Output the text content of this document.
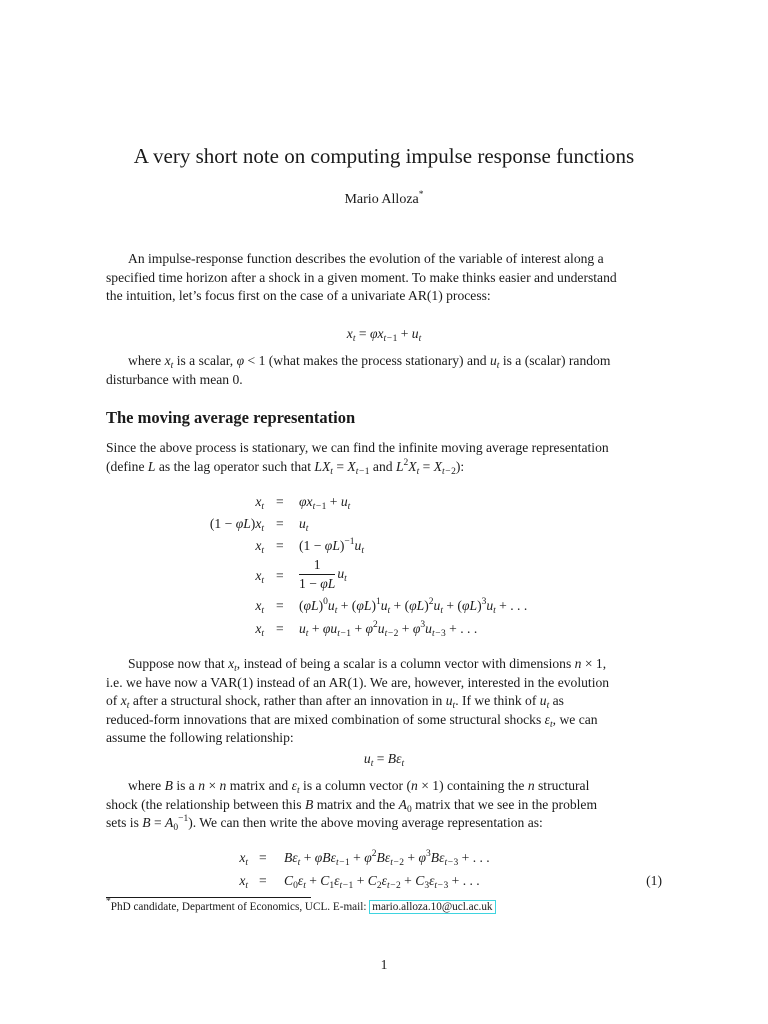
A very short note on computing impulse response functions
Mario Alloza*
An impulse-response function describes the evolution of the variable of interest along a
specified time horizon after a shock in a given moment. To make thinks easier and understand
the intuition, let’s focus first on the case of a univariate AR(1) process:
$x_t = \varphi x_{t-1} + u_t$
where $x_t$ is a scalar, φ < 1 (what makes the process stationary) and $u_t$ is a (scalar) random
disturbance with mean 0.
The moving average representation
Since the above process is stationary, we can find the infinite moving average representation
(define L as the lag operator such that $LX_t = X_{t-1}$ and $L^2X_t = X_{t-2}$):
$x_t = \varphi x_{t-1} + u_t$
$(1 - \varphi L)x_t = u_t$
$x_t = (1 - \varphi L)^{-1}u_t$
$x_t = \frac{1}{1 - \varphi L} u_t$
$x_t = (\varphi L)^0u_t + (\varphi L)^1u_t + (\varphi L)^2u_t + (\varphi L)^3u_t$ + . . .
$x_t = u_t + \varphi u_{t-1} + \varphi^2u_{t-2} + \varphi^3u_{t-3}$ + . . .
Suppose now that $x_t$, instead of being a scalar is a column vector with dimensions n × 1,
i.e. we have now a VAR(1) instead of an AR(1). We are, however, interested in the evolution
of $x_t$ after a structural shock, rather than after an innovation in $u_t$. If we think of $u_t$ as
reduced-form innovations that are mixed combination of some structural shocks $\varepsilon_t$, we can
assume the following relationship:
$u_t = B\varepsilon_t$
where B is a n × n matrix and $\varepsilon_t$ is a column vector (n × 1) containing the n structural
shock (the relationship between this B matrix and the $A_0$ matrix that we see in the problem
sets is $B = A_0^{-1}$). We can then write the above moving average representation as:
$x_t = B\varepsilon_t + \varphi B\varepsilon_{t-1} + \varphi^2B\varepsilon_{t-2} + \varphi^3B\varepsilon_{t-3}$ + . . .
$x_t = C_0\varepsilon_t + C_1\varepsilon_{t-1} + C_2\varepsilon_{t-2} + C_3\varepsilon_{t-3}$ + . . .	(1)
*PhD candidate, Department of Economics, UCL. E-mail: mario.alloza.10@ucl.ac.uk
1
